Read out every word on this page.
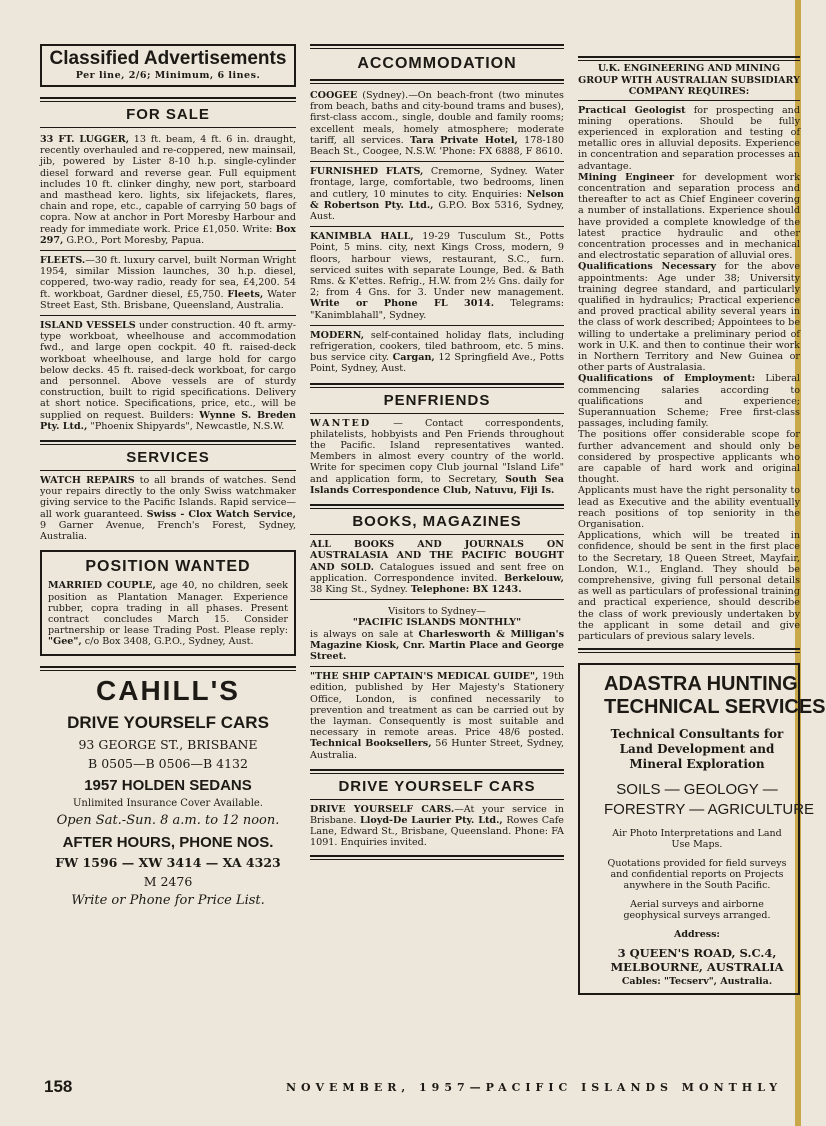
Classified Advertisements
Per line, 2/6; Minimum, 6 lines.
FOR SALE

33 FT. LUGGER, 13 ft. beam, 4 ft. 6 in. draught, recently overhauled and re-coppered, new mainsail, jib, powered by Lister 8-10 h.p. single-cylinder diesel forward and reverse gear. Full equipment includes 10 ft. clinker dinghy, new port, starboard and masthead kero. lights, six lifejackets, flares, chain and rope, etc., capable of carrying 50 bags of copra. Now at anchor in Port Moresby Harbour and ready for immediate work. Price £1,050. Write: Box 297, G.P.O., Port Moresby, Papua.

FLEETS.—30 ft. luxury carvel, built Norman Wright 1954, similar Mission launches, 30 h.p. diesel, coppered, two-way radio, ready for sea, £4,200. 54 ft. workboat, Gardner diesel, £5,750. Fleets, Water Street East, Sth. Brisbane, Queensland, Australia.

ISLAND VESSELS under construction. 40 ft. army-type workboat, wheelhouse and accommodation fwd., and large open cockpit. 40 ft. raised-deck workboat wheelhouse, and large hold for cargo below decks. 45 ft. raised-deck workboat, for cargo and personnel. Above vessels are of sturdy construction, built to rigid specifications. Delivery at short notice. Specifications, price, etc., will be supplied on request. Builders: Wynne S. Breden Pty. Ltd., "Phoenix Shipyards", Newcastle, N.S.W.

SERVICES

WATCH REPAIRS to all brands of watches. Send your repairs directly to the only Swiss watchmaker giving service to the Pacific Islands. Rapid service—all work guaranteed. Swiss - Clox Watch Service, 9 Garner Avenue, French's Forest, Sydney, Australia.

POSITION WANTED

MARRIED COUPLE, age 40, no children, seek position as Plantation Manager. Experience rubber, copra trading in all phases. Present contract concludes March 15. Consider partnership or lease Trading Post. Please reply: "Gee", c/o Box 3408, G.P.O., Sydney, Aust.

CAHILL'S
DRIVE YOURSELF CARS
93 GEORGE ST., BRISBANE
B 0505—B 0506—B 4132
1957 HOLDEN SEDANS
Unlimited Insurance Cover Available.
Open Sat.-Sun. 8 a.m. to 12 noon.
AFTER HOURS, PHONE NOS.
FW 1596 — XW 3414 — XA 4323
M 2476
Write or Phone for Price List.
ACCOMMODATION

COOGEE (Sydney).—On beach-front (two minutes from beach, baths and city-bound trams and buses), first-class accom., single, double and family rooms; excellent meals, homely atmosphere; moderate tariff, all services. Tara Private Hotel, 178-180 Beach St., Coogee, N.S.W. 'Phone: FX 6888, F 8610.

FURNISHED FLATS, Cremorne, Sydney. Water frontage, large, comfortable, two bedrooms, linen and cutlery, 10 minutes to city. Enquiries: Nelson & Robertson Pty. Ltd., G.P.O. Box 5316, Sydney, Aust.

KANIMBLA HALL, 19-29 Tusculum St., Potts Point, 5 mins. city, next Kings Cross, modern, 9 floors, harbour views, restaurant, S.C., furn. serviced suites with separate Lounge, Bed. & Bath Rms. & K'ettes. Refrig., H.W. from 2½ Gns. daily for 2; from 4 Gns. for 3. Under new management. Write or Phone FL 3014. Telegrams: "Kanimblahall", Sydney.

MODERN, self-contained holiday flats, including refrigeration, cookers, tiled bathroom, etc. 5 mins. bus service city. Cargan, 12 Springfield Ave., Potts Point, Sydney, Aust.

PENFRIENDS

WANTED — Contact correspondents, philatelists, hobbyists and Pen Friends throughout the Pacific. Island representatives wanted. Members in almost every country of the world. Write for specimen copy Club journal "Island Life" and application form, to Secretary, South Sea Islands Correspondence Club, Natuvu, Fiji Is.

BOOKS, MAGAZINES

ALL BOOKS AND JOURNALS ON AUSTRALASIA AND THE PACIFIC BOUGHT AND SOLD. Catalogues issued and sent free on application. Correspondence invited. Berkelouw, 38 King St., Sydney. Telephone: BX 1243.

Visitors to Sydney—
"PACIFIC ISLANDS MONTHLY"

is always on sale at Charlesworth & Milligan's Magazine Kiosk, Cnr. Martin Place and George Street.

"THE SHIP CAPTAIN'S MEDICAL GUIDE", 19th edition, published by Her Majesty's Stationery Office, London, is confined necessarily to prevention and treatment as can be carried out by the layman. Consequently is most suitable and necessary in remote areas. Price 48/6 posted. Technical Booksellers, 56 Hunter Street, Sydney, Australia.

DRIVE YOURSELF CARS

DRIVE YOURSELF CARS.—At your service in Brisbane. Lloyd-De Laurier Pty. Ltd., Rowes Cafe Lane, Edward St., Brisbane, Queensland. Phone: FA 1091. Enquiries invited.

U.K. ENGINEERING AND MINING GROUP WITH AUSTRALIAN SUBSIDIARY COMPANY REQUIRES:

Practical Geologist for prospecting and mining operations. Should be fully experienced in exploration and testing of metallic ores in alluvial deposits. Experience in concentration and separation processes an advantage.

Mining Engineer for development work concentration and separation process and thereafter to act as Chief Engineer covering a number of installations. Experience should have provided a complete knowledge of the latest practice hydraulic and other concentration processes and in mechanical and electrostatic separation of alluvial ores.

Qualifications Necessary for the above appointments: Age under 38; University training degree standard, and particularly qualified in hydraulics; Practical experience and proved practical ability several years in the class of work described; Appointees to be willing to undertake a preliminary period of work in U.K. and then to continue their work in Northern Territory and New Guinea or other parts of Australasia.

Qualifications of Employment: Liberal commencing salaries according to qualifications and experience; Superannuation Scheme; Free first-class passages, including family.

The positions offer considerable scope for further advancement and should only be considered by prospective applicants who are capable of hard work and original thought.

Applicants must have the right personality to lead as Executive and the ability eventually reach positions of top seniority in the Organisation.

Applications, which will be treated in confidence, should be sent in the first place to the Secretary, 18 Queen Street, Mayfair, London, W.1., England. They should be comprehensive, giving full personal details as well as particulars of professional training and practical experience, should describe the class of work previously undertaken by the applicant in some detail and give particulars of previous salary levels.

ADASTRA HUNTING
TECHNICAL SERVICES
Technical Consultants for
Land Development and
Mineral Exploration
SOILS — GEOLOGY —
FORESTRY — AGRICULTURE
Air Photo Interpretations and Land Use Maps.
Quotations provided for field surveys and confidential reports on Projects anywhere in the South Pacific.
Aerial surveys and airborne geophysical surveys arranged.
Address:
3 QUEEN'S ROAD, S.C.4,
MELBOURNE, AUSTRALIA
Cables: "Tecserv", Australia.
158	NOVEMBER, 1957—PACIFIC ISLANDS MONTHLY
